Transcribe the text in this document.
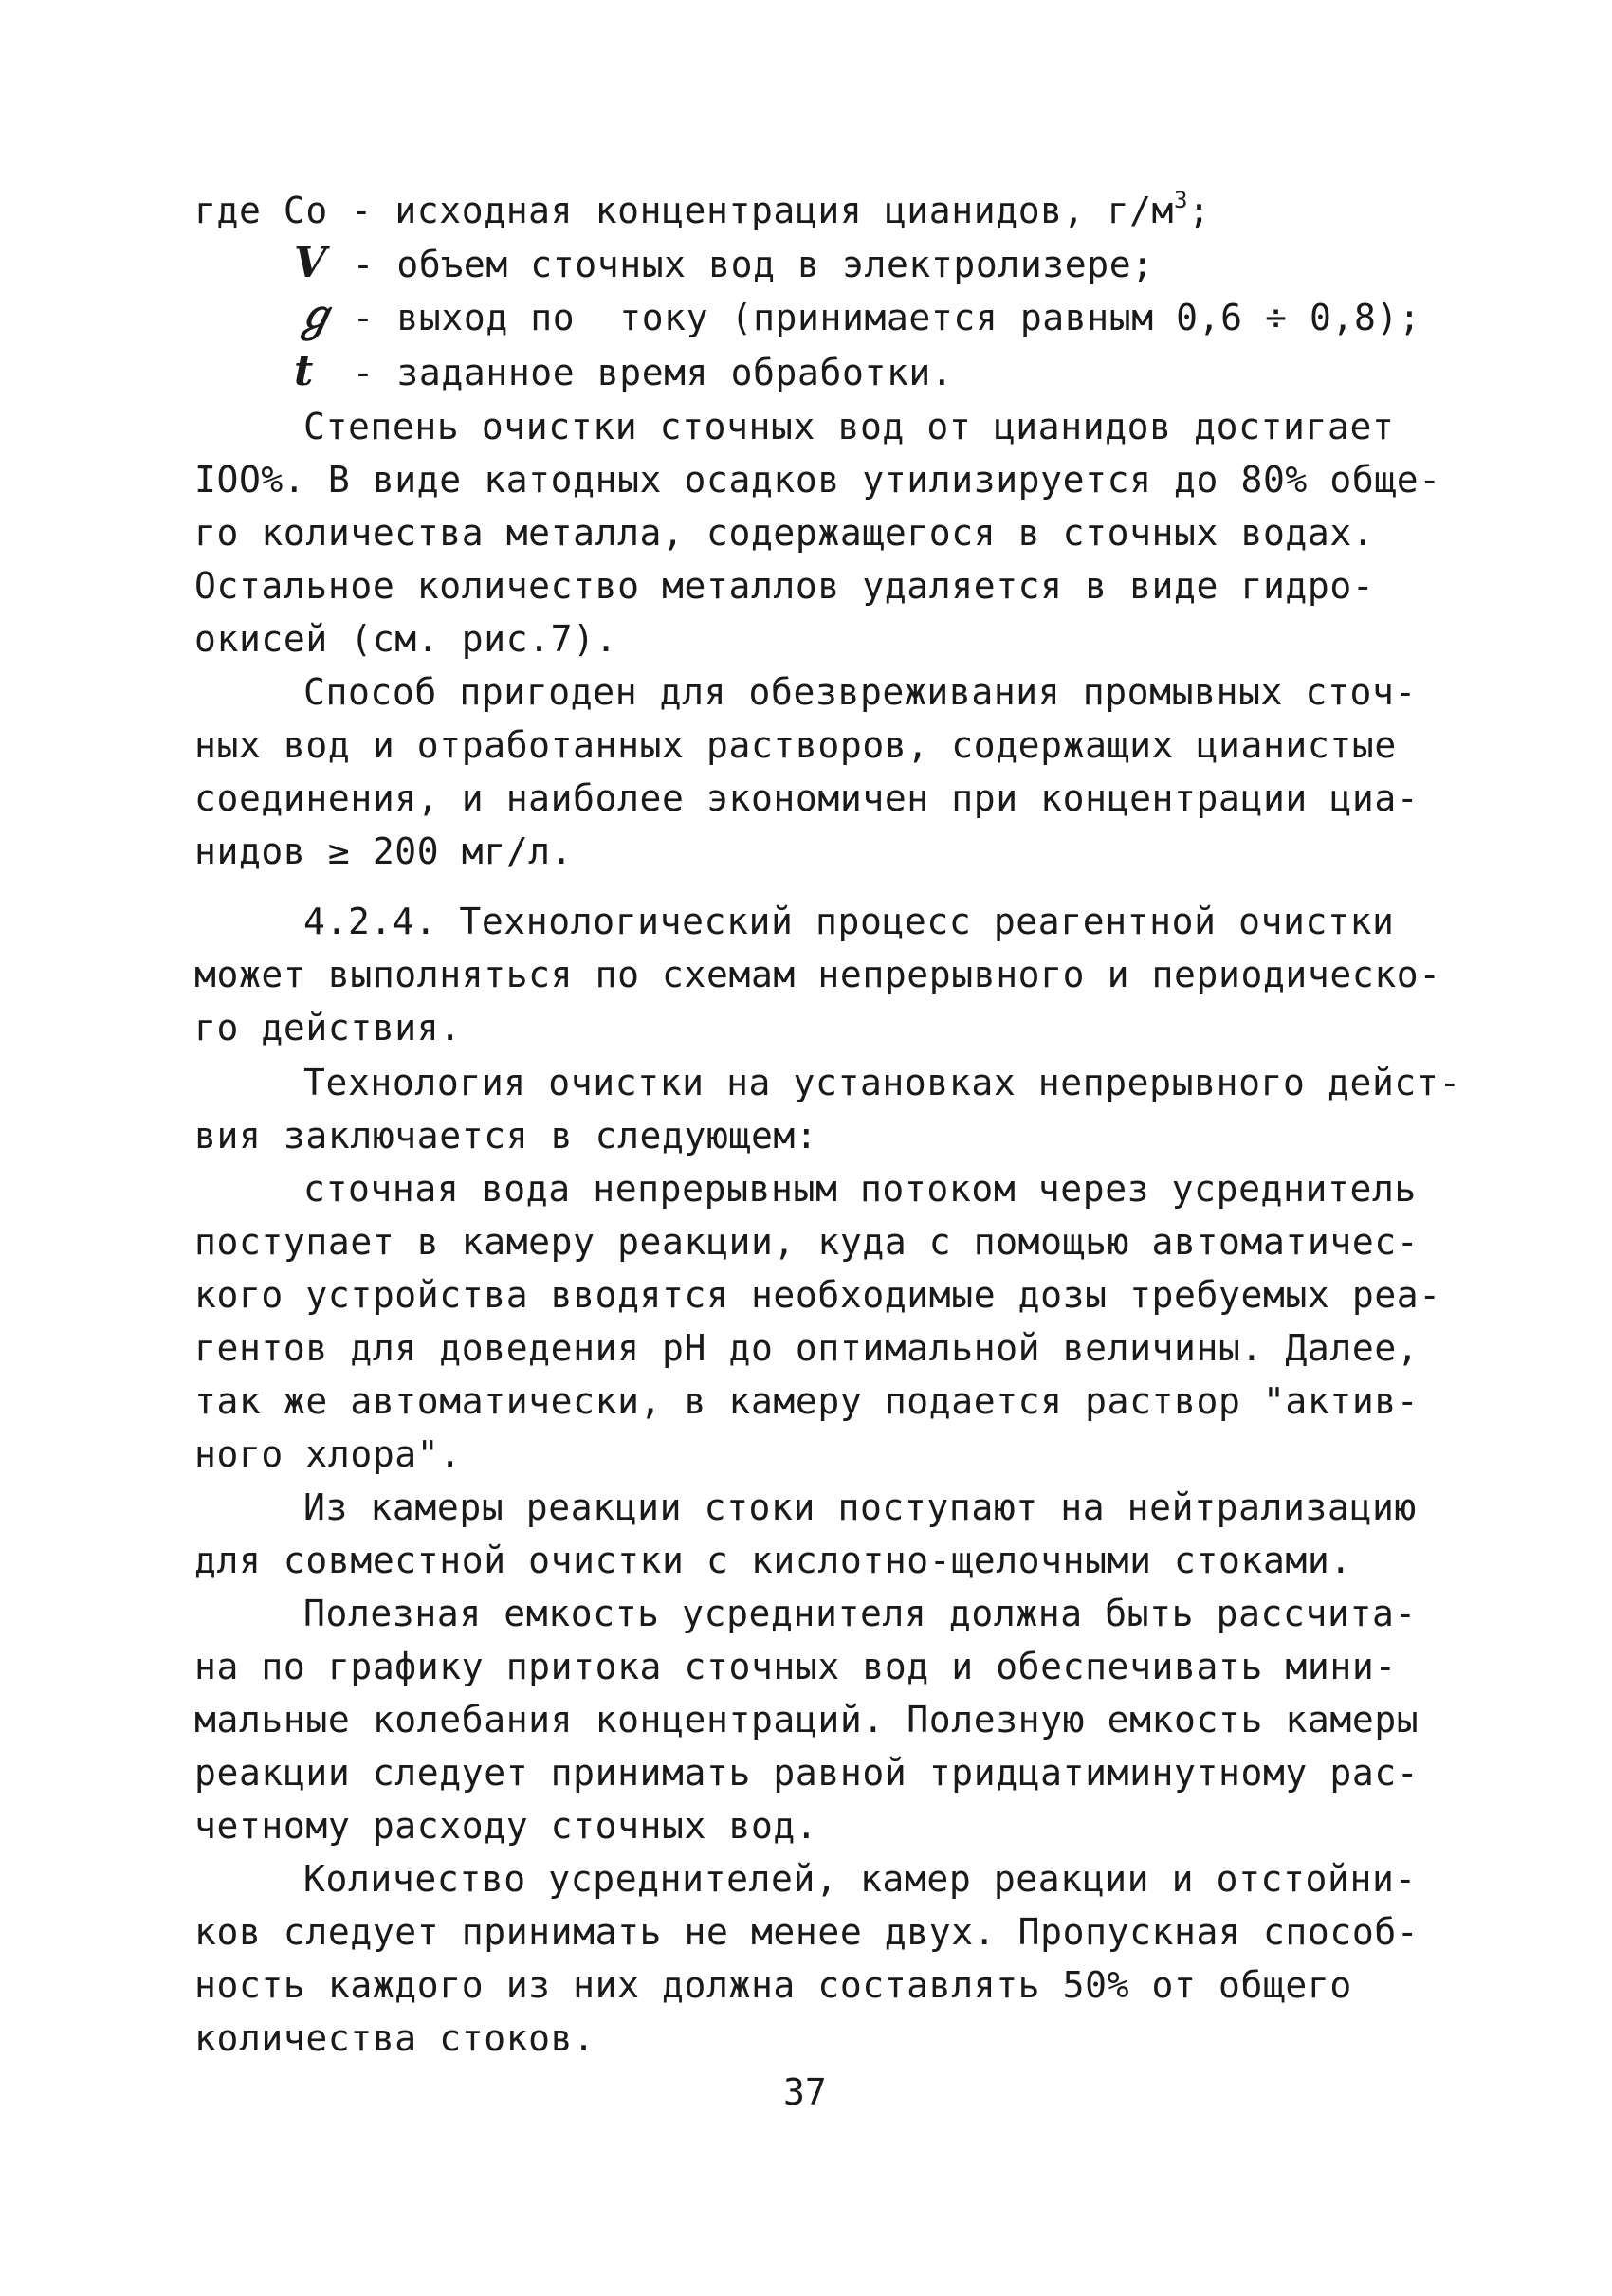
где Со - исходная концентрация цианидов, $г/м^3$;
V - объем сточных вод в электролизере;
ℊ - выход по  току (принимается равным 0,6 ÷ 0,8);
t - заданное время обработки.
Степень очистки сточных вод от цианидов достигает
IOO%. В виде катодных осадков утилизируется до 80% обще-
го количества металла, содержащегося в сточных водах.
Остальное количество металлов удаляется в виде гидро-
окисей (см. рис.7).
Способ пригоден для обезвреживания промывных сточ-
ных вод и отработанных растворов, содержащих цианистые
соединения, и наиболее экономичен при концентрации циа-
нидов ≥ 200 мг/л.
4.2.4. Технологический процесс реагентной очистки
может выполняться по схемам непрерывного и периодическо-
го действия.
Технология очистки на установках непрерывного дейст-
вия заключается в следующем:
сточная вода непрерывным потоком через усреднитель
поступает в камеру реакции, куда с помощью автоматичес-
кого устройства вводятся необходимые дозы требуемых реа-
гентов для доведения рН до оптимальной величины. Далее,
так же автоматически, в камеру подается раствор "актив-
ного хлора".
Из камеры реакции стоки поступают на нейтрализацию
для совместной очистки с кислотно-щелочными стоками.
Полезная емкость усреднителя должна быть рассчита-
на по графику притока сточных вод и обеспечивать мини-
мальные колебания концентраций. Полезную емкость камеры
реакции следует принимать равной тридцатиминутному рас-
четному расходу сточных вод.
Количество усреднителей, камер реакции и отстойни-
ков следует принимать не менее двух. Пропускная способ-
ность каждого из них должна составлять 50% от общего
количества стоков.
37
